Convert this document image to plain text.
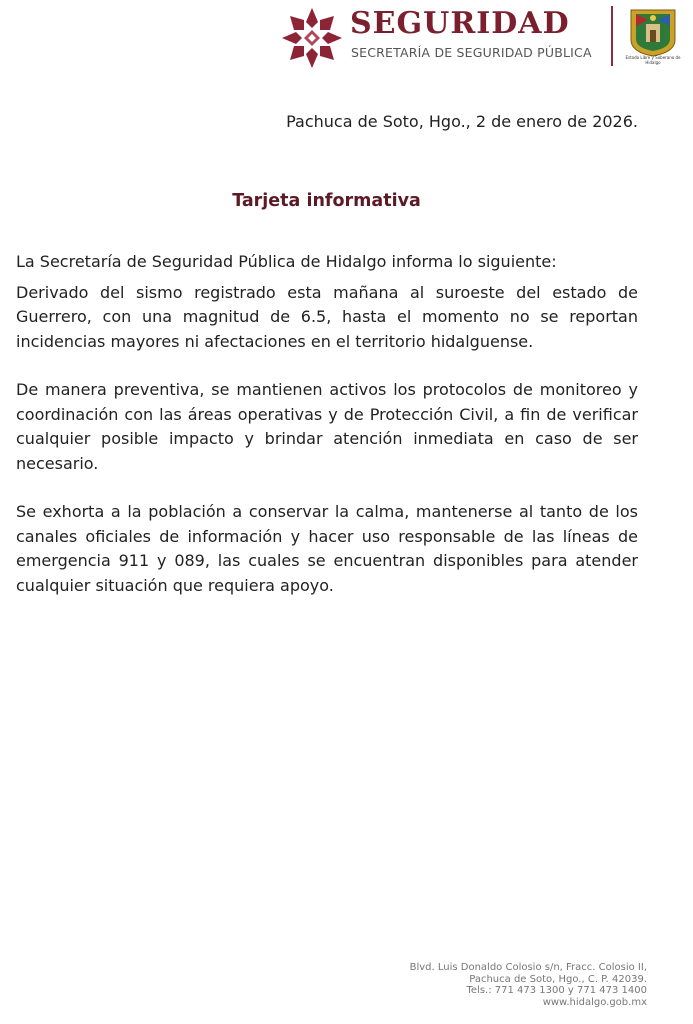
SEGURIDAD
SECRETARÍA DE SEGURIDAD PÚBLICA	Estado Libre y Soberano de Hidalgo
Pachuca de Soto, Hgo., 2 de enero de 2026.
Tarjeta informativa

La Secretaría de Seguridad Pública de Hidalgo informa lo siguiente:

Derivado del sismo registrado esta mañana al suroeste del estado de Guerrero, con una magnitud de 6.5, hasta el momento no se reportan incidencias mayores ni afectaciones en el territorio hidalguense.

De manera preventiva, se mantienen activos los protocolos de monitoreo y coordinación con las áreas operativas y de Protección Civil, a fin de verificar cualquier posible impacto y brindar atención inmediata en caso de ser necesario.

Se exhorta a la población a conservar la calma, mantenerse al tanto de los canales oficiales de información y hacer uso responsable de las líneas de emergencia 911 y 089, las cuales se encuentran disponibles para atender cualquier situación que requiera apoyo.

Blvd. Luis Donaldo Colosio s/n, Fracc. Colosio II,
Pachuca de Soto, Hgo., C. P. 42039.
Tels.: 771 473 1300 y 771 473 1400
www.hidalgo.gob.mx
